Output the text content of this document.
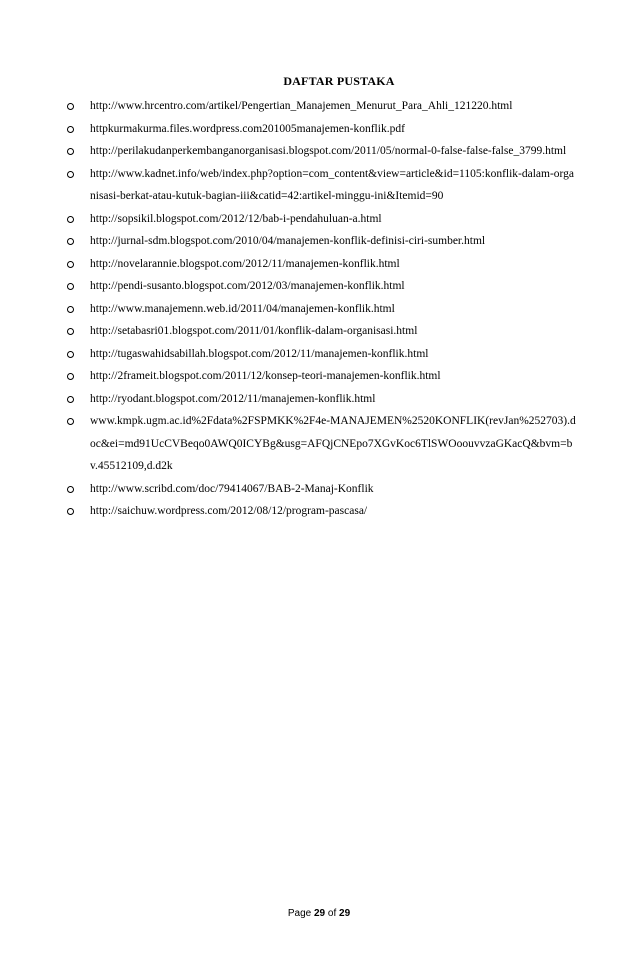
DAFTAR PUSTAKA
http://www.hrcentro.com/artikel/Pengertian_Manajemen_Menurut_Para_Ahli_121220.html
httpkurmakurma.files.wordpress.com201005manajemen-konflik.pdf
http://perilakudanperkembanganorganisasi.blogspot.com/2011/05/normal-0-false-false-false_3799.html
http://www.kadnet.info/web/index.php?option=com_content&view=article&id=1105:konflik-dalam-organisasi-berkat-atau-kutuk-bagian-iii&catid=42:artikel-minggu-ini&Itemid=90
http://sopsikil.blogspot.com/2012/12/bab-i-pendahuluan-a.html
http://jurnal-sdm.blogspot.com/2010/04/manajemen-konflik-definisi-ciri-sumber.html
http://novelarannie.blogspot.com/2012/11/manajemen-konflik.html
http://pendi-susanto.blogspot.com/2012/03/manajemen-konflik.html
http://www.manajemenn.web.id/2011/04/manajemen-konflik.html
http://setabasri01.blogspot.com/2011/01/konflik-dalam-organisasi.html
http://tugaswahidsabillah.blogspot.com/2012/11/manajemen-konflik.html
http://2frameit.blogspot.com/2011/12/konsep-teori-manajemen-konflik.html
http://ryodant.blogspot.com/2012/11/manajemen-konflik.html
www.kmpk.ugm.ac.id%2Fdata%2FSPMKK%2F4e-MANAJEMEN%2520KONFLIK(revJan%252703).doc&ei=md91UcCVBeqo0AWQ0ICYBg&usg=AFQjCNEpo7XGvKoc6TlSWOoouvvzaGKacQ&bvm=bv.45512109,d.d2k
http://www.scribd.com/doc/79414067/BAB-2-Manaj-Konflik
http://saichuw.wordpress.com/2012/08/12/program-pascasa/
Page 29 of 29
